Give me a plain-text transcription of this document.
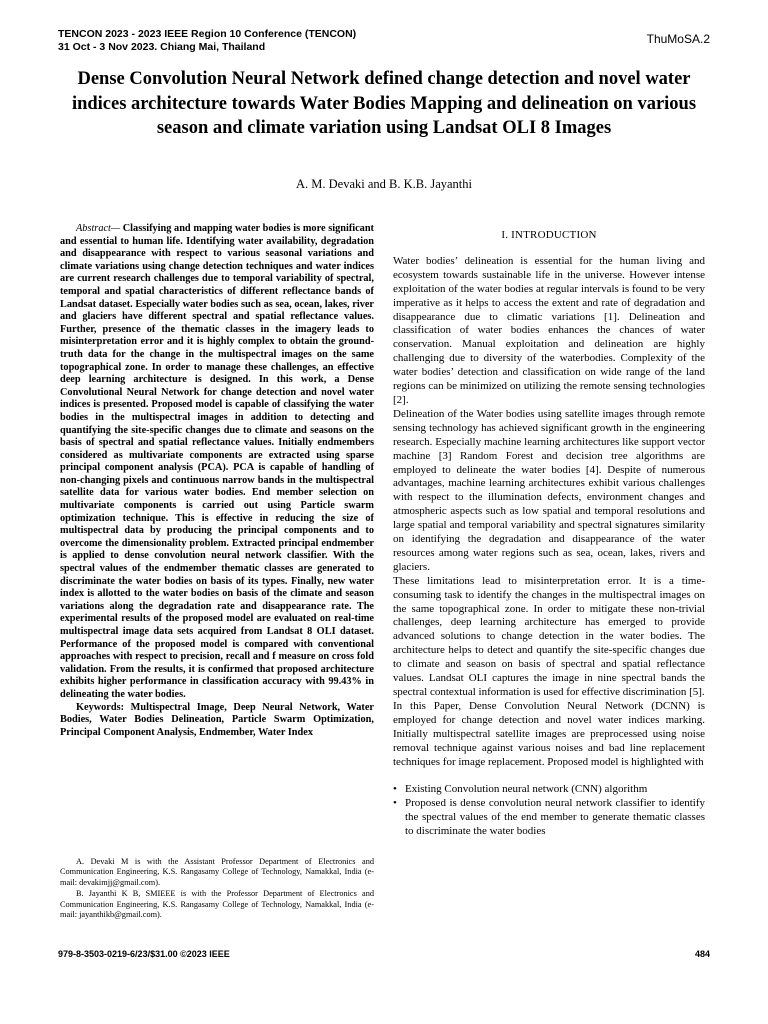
TENCON 2023 - 2023 IEEE Region 10 Conference (TENCON)
31 Oct - 3 Nov 2023. Chiang Mai, Thailand
ThuMoSA.2
Dense Convolution Neural Network defined change detection and novel water indices architecture towards Water Bodies Mapping and delineation on various season and climate variation using Landsat OLI 8 Images
A. M. Devaki and B. K.B. Jayanthi

Abstract— Classifying and mapping water bodies is more significant and essential to human life. Identifying water availability, degradation and disappearance with respect to various seasonal variations and climate variations using change detection techniques and water indices are current research challenges due to temporal variability of spectral, temporal and spatial characteristics of different reflectance bands of Landsat dataset. Especially water bodies such as sea, ocean, lakes, river and glaciers have different spectral and spatial reflectance values. Further, presence of the thematic classes in the imagery leads to misinterpretation error and it is highly complex to obtain the ground-truth data for the change in the multispectral images on the same topographical zone. In order to manage these challenges, an effective deep learning architecture is designed. In this work, a Dense Convolutional Neural Network for change detection and novel water indices is presented. Proposed model is capable of classifying the water bodies in the multispectral images in addition to detecting and quantifying the site-specific changes due to climate and seasons on the basis of spectral and spatial reflectance values. Initially endmembers considered as multivariate components are extracted using sparse principal component analysis (PCA). PCA is capable of handling of non-changing pixels and continuous narrow bands in the multispectral satellite data for various water bodies. End member selection on multivariate components is carried out using Particle swarm optimization technique. This is effective in reducing the size of multispectral data by producing the principal components and to overcome the dimensionality problem. Extracted principal endmember is applied to dense convolution neural network classifier. With the spectral values of the endmember thematic classes are generated to discriminate the water bodies on basis of its types. Finally, new water index is allotted to the water bodies on basis of the climate and season variations along the degradation rate and disappearance rate. The experimental results of the proposed model are evaluated on real-time multispectral image data sets acquired from Landsat 8 OLI dataset. Performance of the proposed model is compared with conventional approaches with respect to precision, recall and f measure on cross fold validation. From the results, it is confirmed that proposed architecture exhibits higher performance in classification accuracy with 99.43% in delineating the water bodies.

Keywords: Multispectral Image, Deep Neural Network, Water Bodies, Water Bodies Delineation, Particle Swarm Optimization, Principal Component Analysis, Endmember, Water Index

A. Devaki M is with the Assistant Professor Department of Electronics and Communication Engineering, K.S. Rangasamy College of Technology, Namakkal, India (e-mail: devakimjj@gmail.com).

B. Jayanthi K B, SMIEEE is with the Professor Department of Electronics and Communication Engineering, K.S. Rangasamy College of Technology, Namakkal, India (e-mail: jayanthikb@gmail.com).

I. INTRODUCTION

Water bodies’ delineation is essential for the human living and ecosystem towards sustainable life in the universe. However intense exploitation of the water bodies at regular intervals is found to be very imperative as it helps to access the extent and rate of degradation and disappearance due to climatic variations [1]. Delineation and classification of water bodies enhances the chances of water conservation. Manual exploitation and delineation are highly challenging due to diversity of the waterbodies. Complexity of the water bodies’ detection and classification on wide range of the land regions can be minimized on utilizing the remote sensing technologies [2].

Delineation of the Water bodies using satellite images through remote sensing technology has achieved significant growth in the engineering research. Especially machine learning architectures like support vector machine [3] Random Forest and decision tree algorithms are employed to delineate the water bodies [4]. Despite of numerous advantages, machine learning architectures exhibit various challenges with respect to the illumination defects, environment changes and atmospheric aspects such as low spatial and temporal resolutions and large spatial and temporal variability and spectral signatures similarity on identifying the degradation and disappearance of the water resources among water regions such as sea, ocean, lakes, rivers and glaciers.

These limitations lead to misinterpretation error. It is a time-consuming task to identify the changes in the multispectral images on the same topographical zone. In order to mitigate these non-trivial challenges, deep learning architecture has emerged to provide advanced solutions to change detection in the water bodies. The architecture helps to detect and quantify the site-specific changes due to climate and season on basis of spectral and spatial reflectance values. Landsat OLI captures the image in nine spectral bands the spectral contextual information is used for effective discrimination [5].

In this Paper, Dense Convolution Neural Network (DCNN) is employed for change detection and novel water indices marking. Initially multispectral satellite images are preprocessed using noise removal technique against various noises and bad line replacement techniques for image replacement. Proposed model is highlighted with

• Existing Convolution neural network (CNN) algorithm
• Proposed is dense convolution neural network classifier to identify the spectral values of the end member to generate thematic classes to discriminate the water bodies
979-8-3503-0219-6/23/$31.00 ©2023 IEEE	484
